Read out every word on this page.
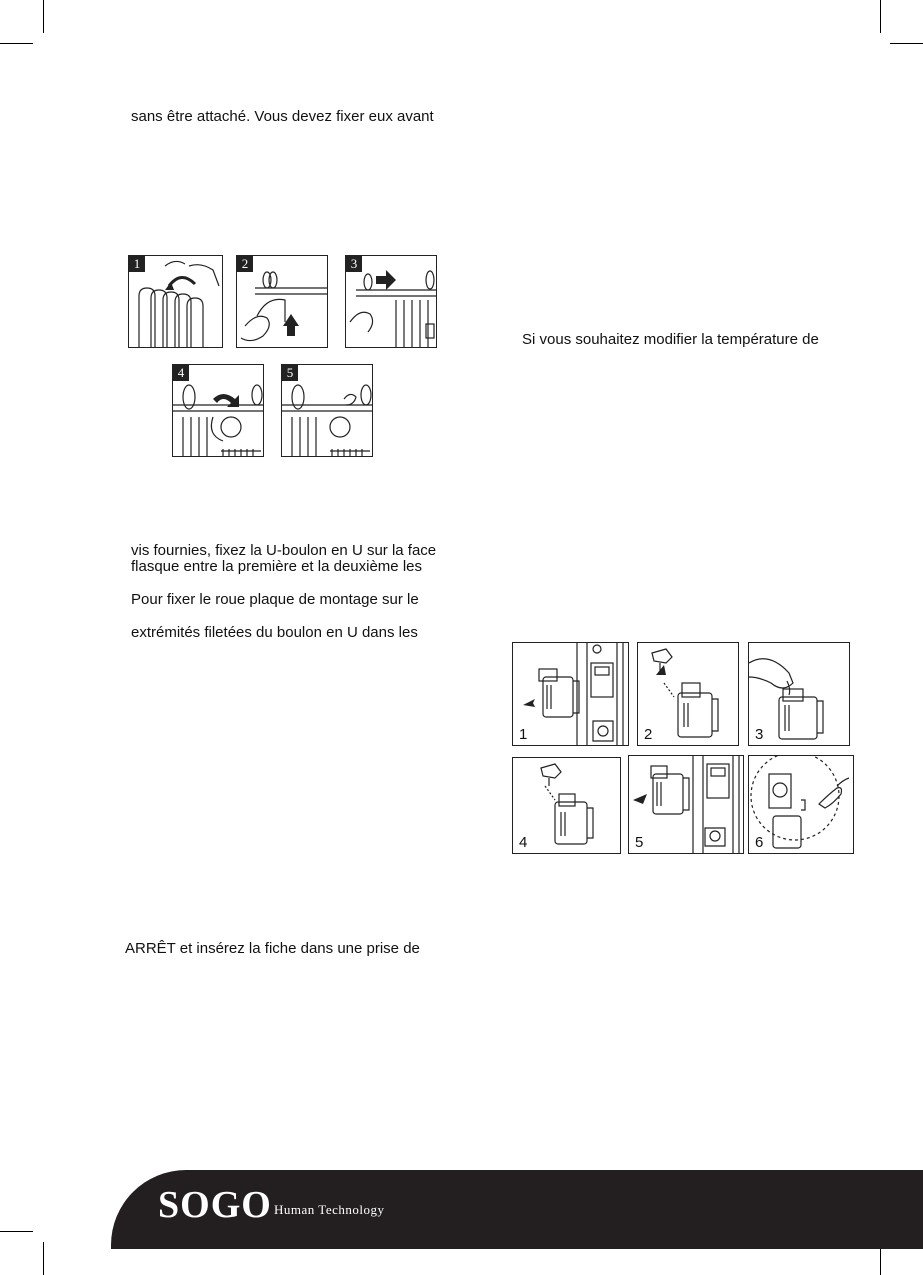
sans être attaché. Vous devez fixer eux avant
vis fournies, fixez la U-boulon en U sur la face
flasque entre la première et la deuxième les
Pour fixer le roue plaque de montage sur le
extrémités filetées du boulon en U dans les
ARRÊT et insérez la fiche dans une prise de
Si vous souhaitez modifier la température de
1	2	3
4	5
1	2	3
4	5	6
SOGO Human Technology
